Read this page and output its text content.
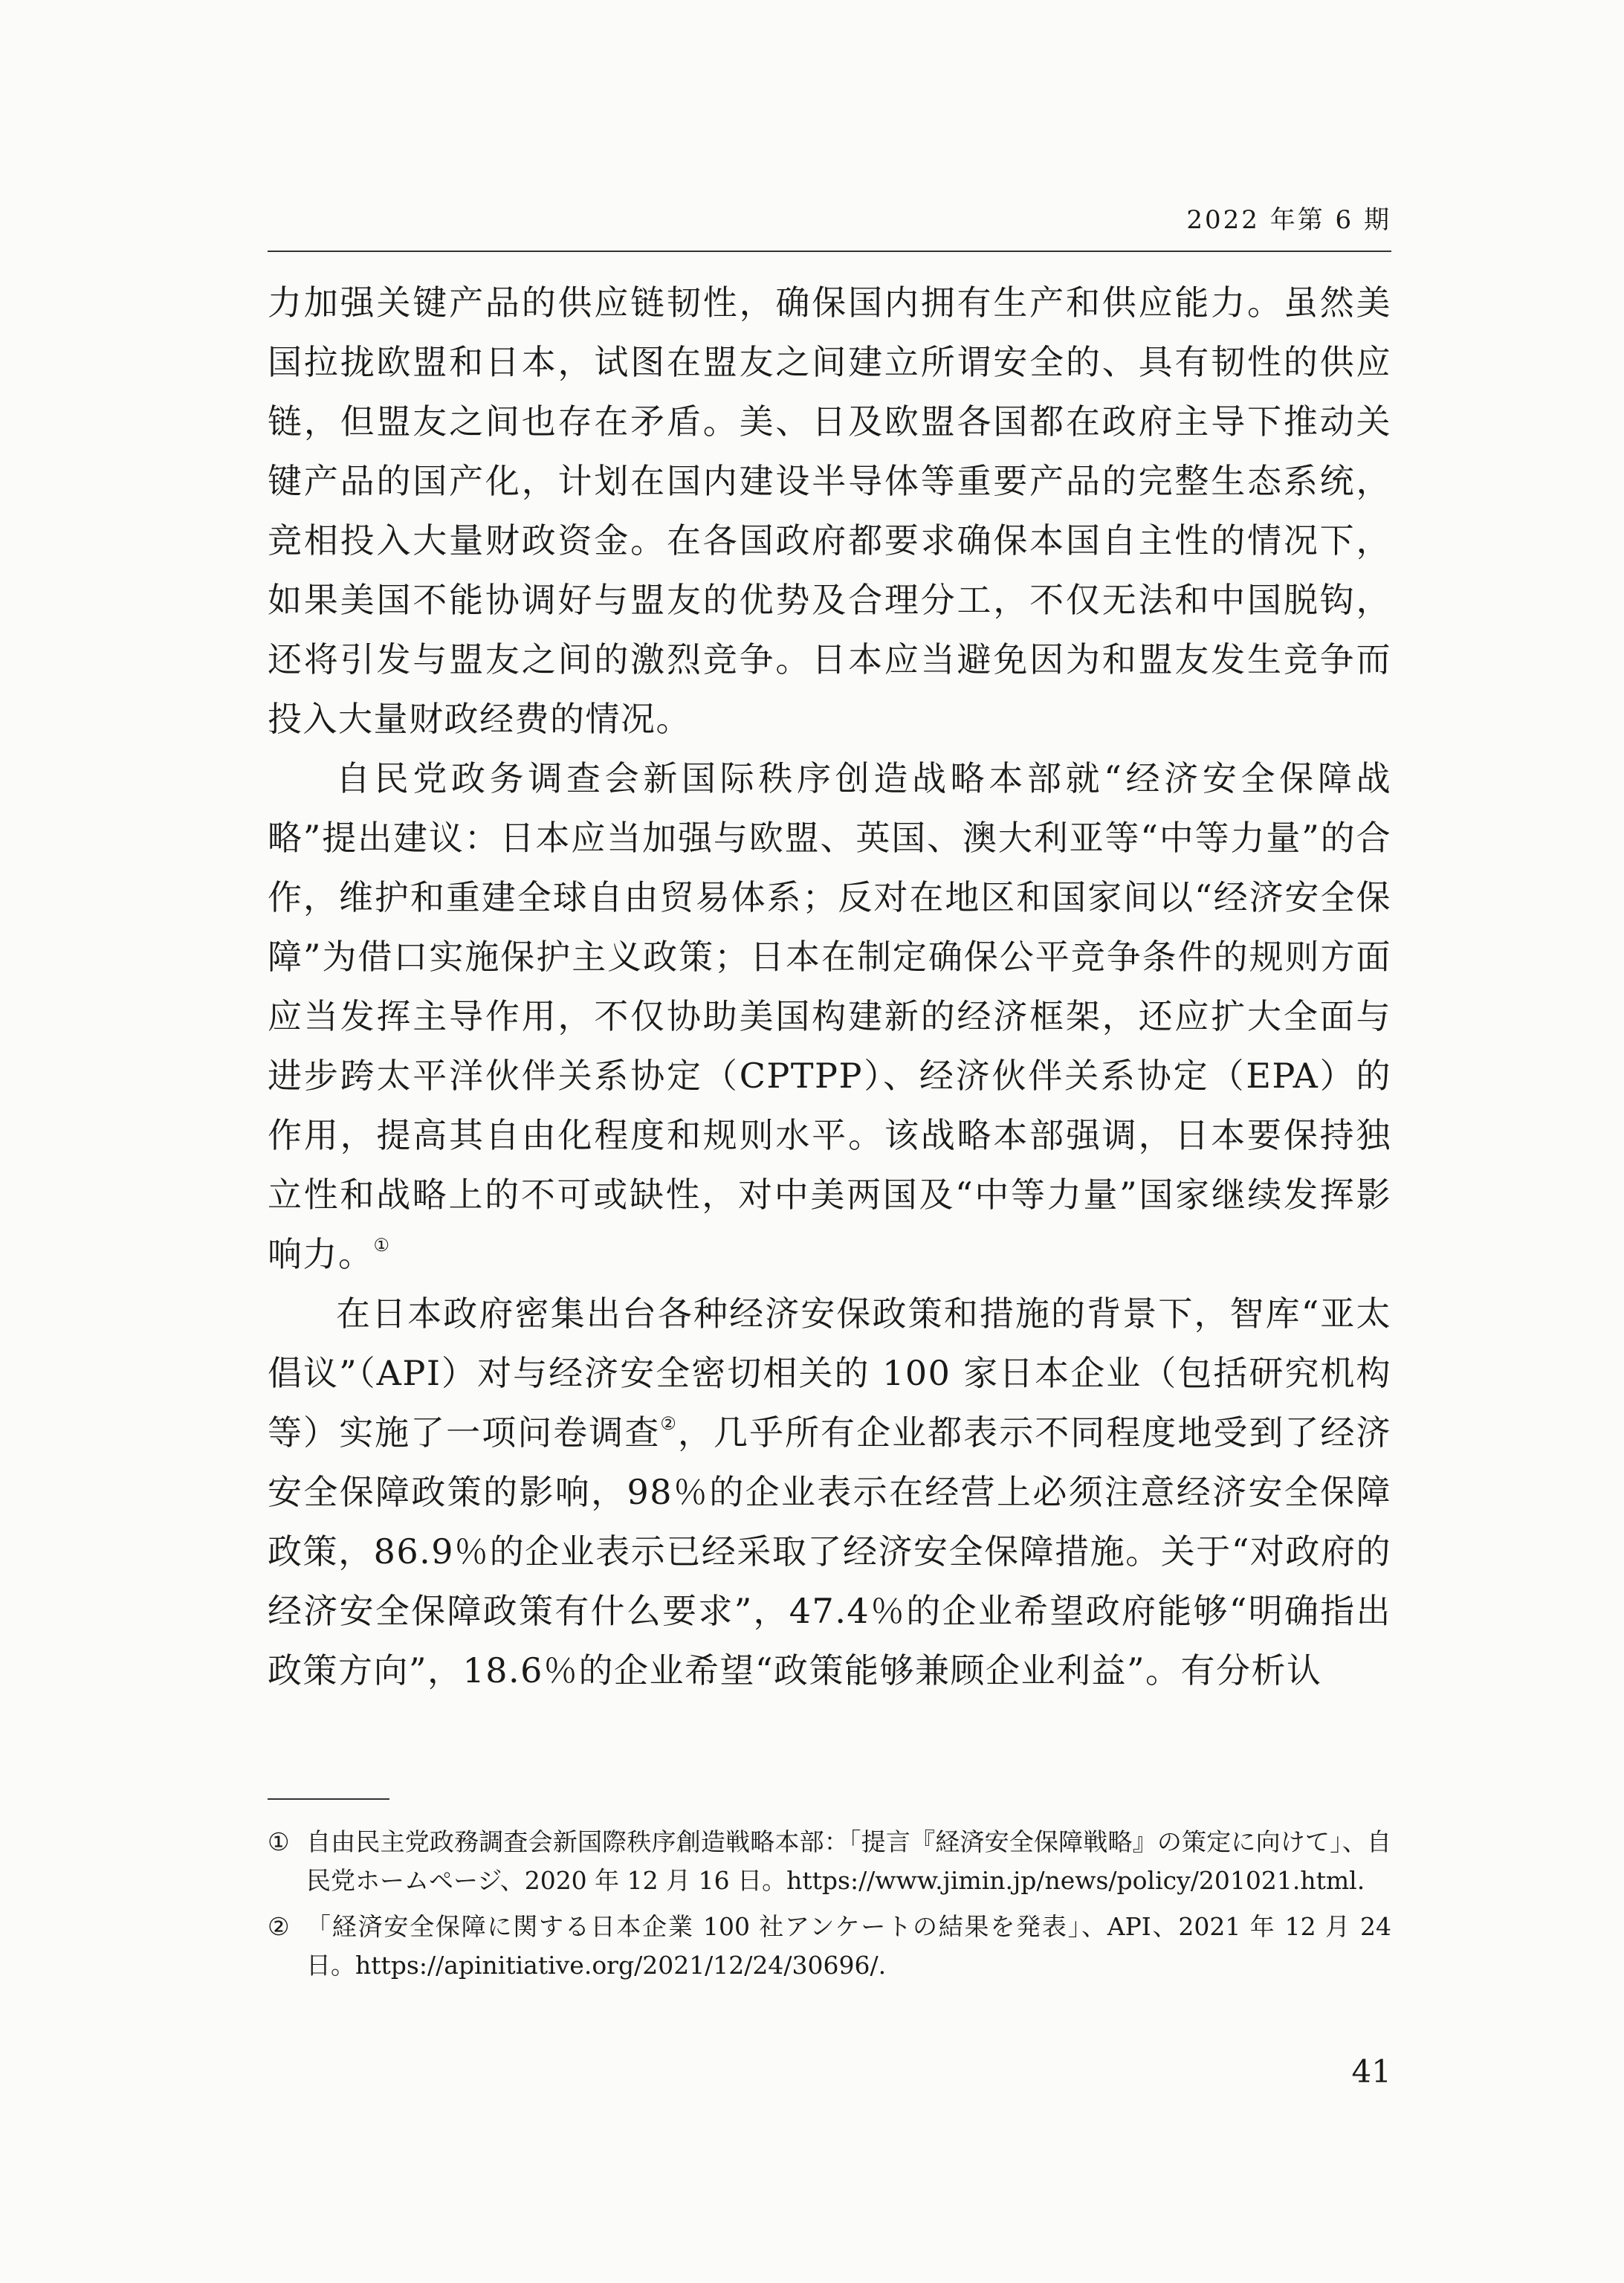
2022 年第 6 期

力加强关键产品的供应链韧性，确保国内拥有生产和供应能力。虽然美国拉拢欧盟和日本，试图在盟友之间建立所谓安全的、具有韧性的供应链，但盟友之间也存在矛盾。美、日及欧盟各国都在政府主导下推动关键产品的国产化，计划在国内建设半导体等重要产品的完整生态系统，竞相投入大量财政资金。在各国政府都要求确保本国自主性的情况下，如果美国不能协调好与盟友的优势及合理分工，不仅无法和中国脱钩，还将引发与盟友之间的激烈竞争。日本应当避免因为和盟友发生竞争而投入大量财政经费的情况。

自民党政务调查会新国际秩序创造战略本部就“经济安全保障战略”提出建议：日本应当加强与欧盟、英国、澳大利亚等“中等力量”的合作，维护和重建全球自由贸易体系；反对在地区和国家间以“经济安全保障”为借口实施保护主义政策；日本在制定确保公平竞争条件的规则方面应当发挥主导作用，不仅协助美国构建新的经济框架，还应扩大全面与进步跨太平洋伙伴关系协定（CPTPP）、经济伙伴关系协定（EPA）的作用，提高其自由化程度和规则水平。该战略本部强调，日本要保持独立性和战略上的不可或缺性，对中美两国及“中等力量”国家继续发挥影响力。①

在日本政府密集出台各种经济安保政策和措施的背景下，智库“亚太倡议”（API）对与经济安全密切相关的 100 家日本企业（包括研究机构等）实施了一项问卷调查②，几乎所有企业都表示不同程度地受到了经济安全保障政策的影响，98％的企业表示在经营上必须注意经济安全保障政策，86.9％的企业表示已经采取了经济安全保障措施。关于“对政府的经济安全保障政策有什么要求”，47.4％的企业希望政府能够“明确指出政策方向”，18.6％的企业希望“政策能够兼顾企业利益”。有分析认

① 自由民主党政務調査会新国際秩序創造戦略本部：「提言『経済安全保障戦略』の策定に向けて」、自民党ホームページ、2020 年 12 月 16 日。https://www.jimin.jp/news/policy/201021.html.
② 「経済安全保障に関する日本企業 100 社アンケートの結果を発表」、API、2021 年 12 月 24 日。https://apinitiative.org/2021/12/24/30696/.
41
